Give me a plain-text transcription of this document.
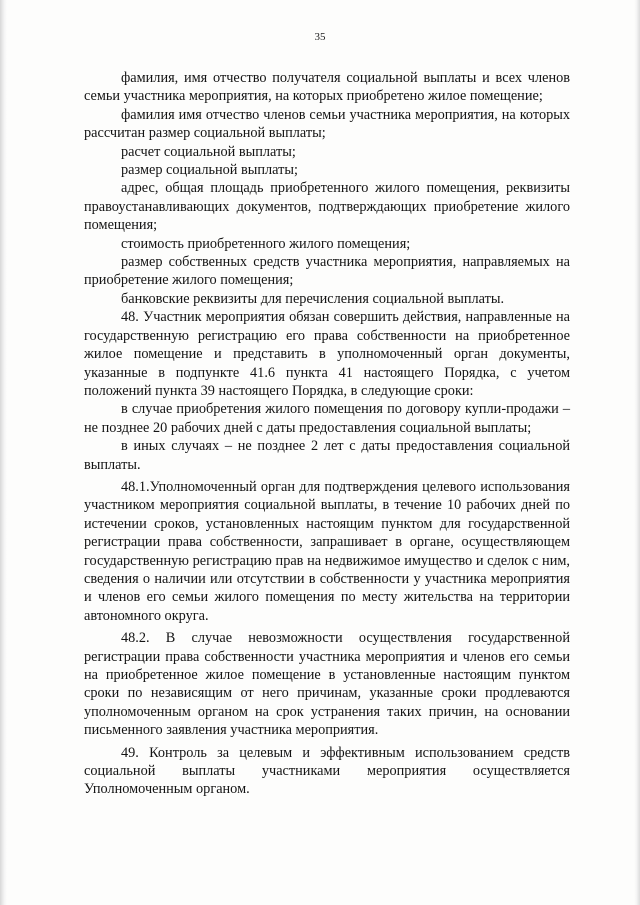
35

фамилия, имя отчество получателя социальной выплаты и всех членов семьи участника мероприятия, на которых приобретено жилое помещение;

фамилия имя отчество членов семьи участника мероприятия, на которых рассчитан размер социальной выплаты;

расчет социальной выплаты;

размер социальной выплаты;

адрес, общая площадь приобретенного жилого помещения, реквизиты правоустанавливающих документов, подтверждающих приобретение жилого помещения;

стоимость приобретенного жилого помещения;

размер собственных средств участника мероприятия, направляемых на приобретение жилого помещения;

банковские реквизиты для перечисления социальной выплаты.

48. Участник мероприятия обязан совершить действия, направленные на государственную регистрацию его права собственности на приобретенное жилое помещение и представить в уполномоченный орган документы, указанные в подпункте 41.6 пункта 41 настоящего Порядка, с учетом положений пункта 39 настоящего Порядка, в следующие сроки:

в случае приобретения жилого помещения по договору купли-продажи – не позднее 20 рабочих дней с даты предоставления социальной выплаты;

в иных случаях – не позднее 2 лет с даты предоставления социальной выплаты.

48.1.Уполномоченный орган для подтверждения целевого использования участником мероприятия социальной выплаты, в течение 10 рабочих дней по истечении сроков, установленных настоящим пунктом для государственной регистрации права собственности, запрашивает в органе, осуществляющем государственную регистрацию прав на недвижимое имущество и сделок с ним, сведения о наличии или отсутствии в собственности у участника мероприятия и членов его семьи жилого помещения по месту жительства на территории автономного округа.

48.2. В случае невозможности осуществления государственной регистрации права собственности участника мероприятия и членов его семьи на приобретенное жилое помещение в установленные настоящим пунктом сроки по независящим от него причинам, указанные сроки продлеваются уполномоченным органом на срок устранения таких причин, на основании письменного заявления участника мероприятия.

49. Контроль за целевым и эффективным использованием средств социальной выплаты участниками мероприятия осуществляется Уполномоченным органом.
